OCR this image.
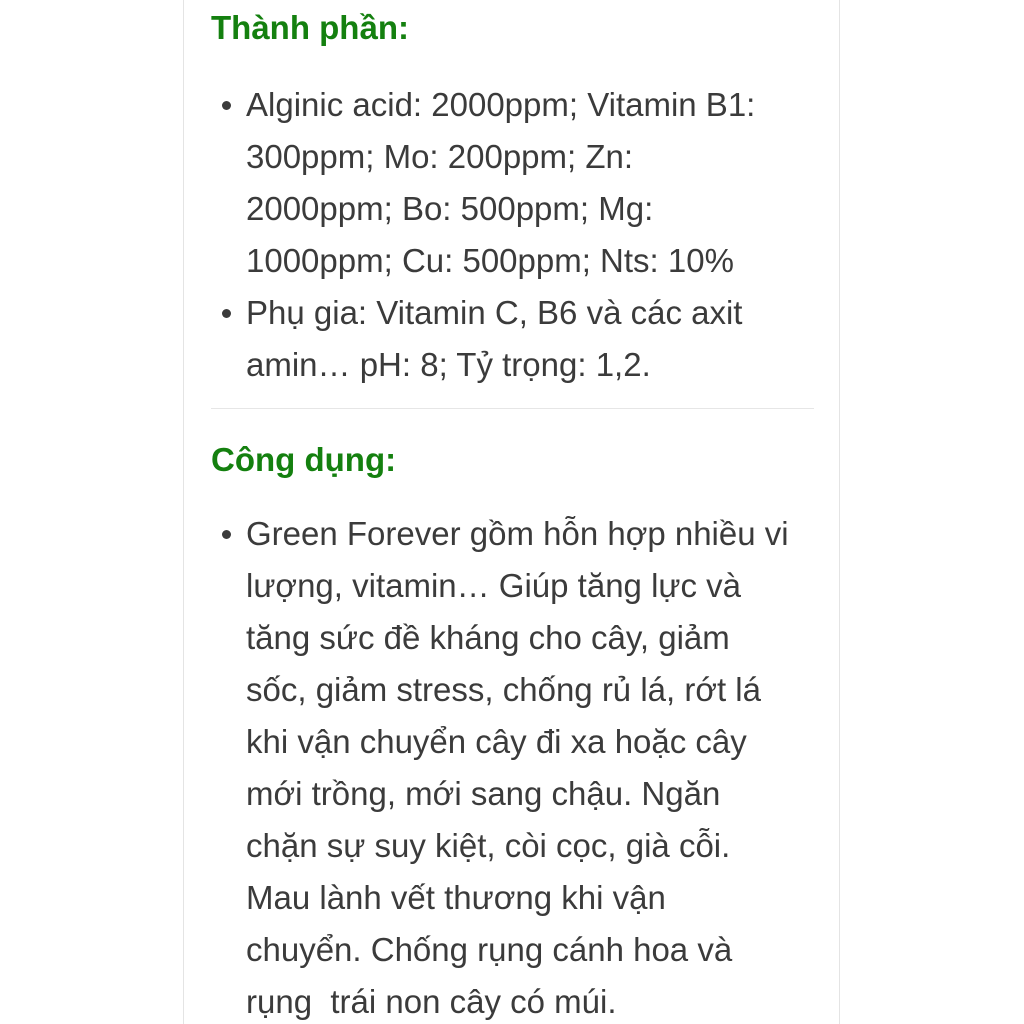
Thành phần:
Alginic acid: 2000ppm; Vitamin B1:
300ppm; Mo: 200ppm; Zn:
2000ppm; Bo: 500ppm; Mg:
1000ppm; Cu: 500ppm; Nts: 10%
Phụ gia: Vitamin C, B6 và các axit
amin… pH: 8; Tỷ trọng: 1,2.
Công dụng:
Green Forever gồm hỗn hợp nhiều vi
lượng, vitamin… Giúp tăng lực và
tăng sức đề kháng cho cây, giảm
sốc, giảm stress, chống rủ lá, rớt lá
khi vận chuyển cây đi xa hoặc cây
mới trồng, mới sang chậu. Ngăn
chặn sự suy kiệt, còi cọc, già cỗi.
Mau lành vết thương khi vận
chuyển. Chống rụng cánh hoa và
rụng  trái non cây có múi.
